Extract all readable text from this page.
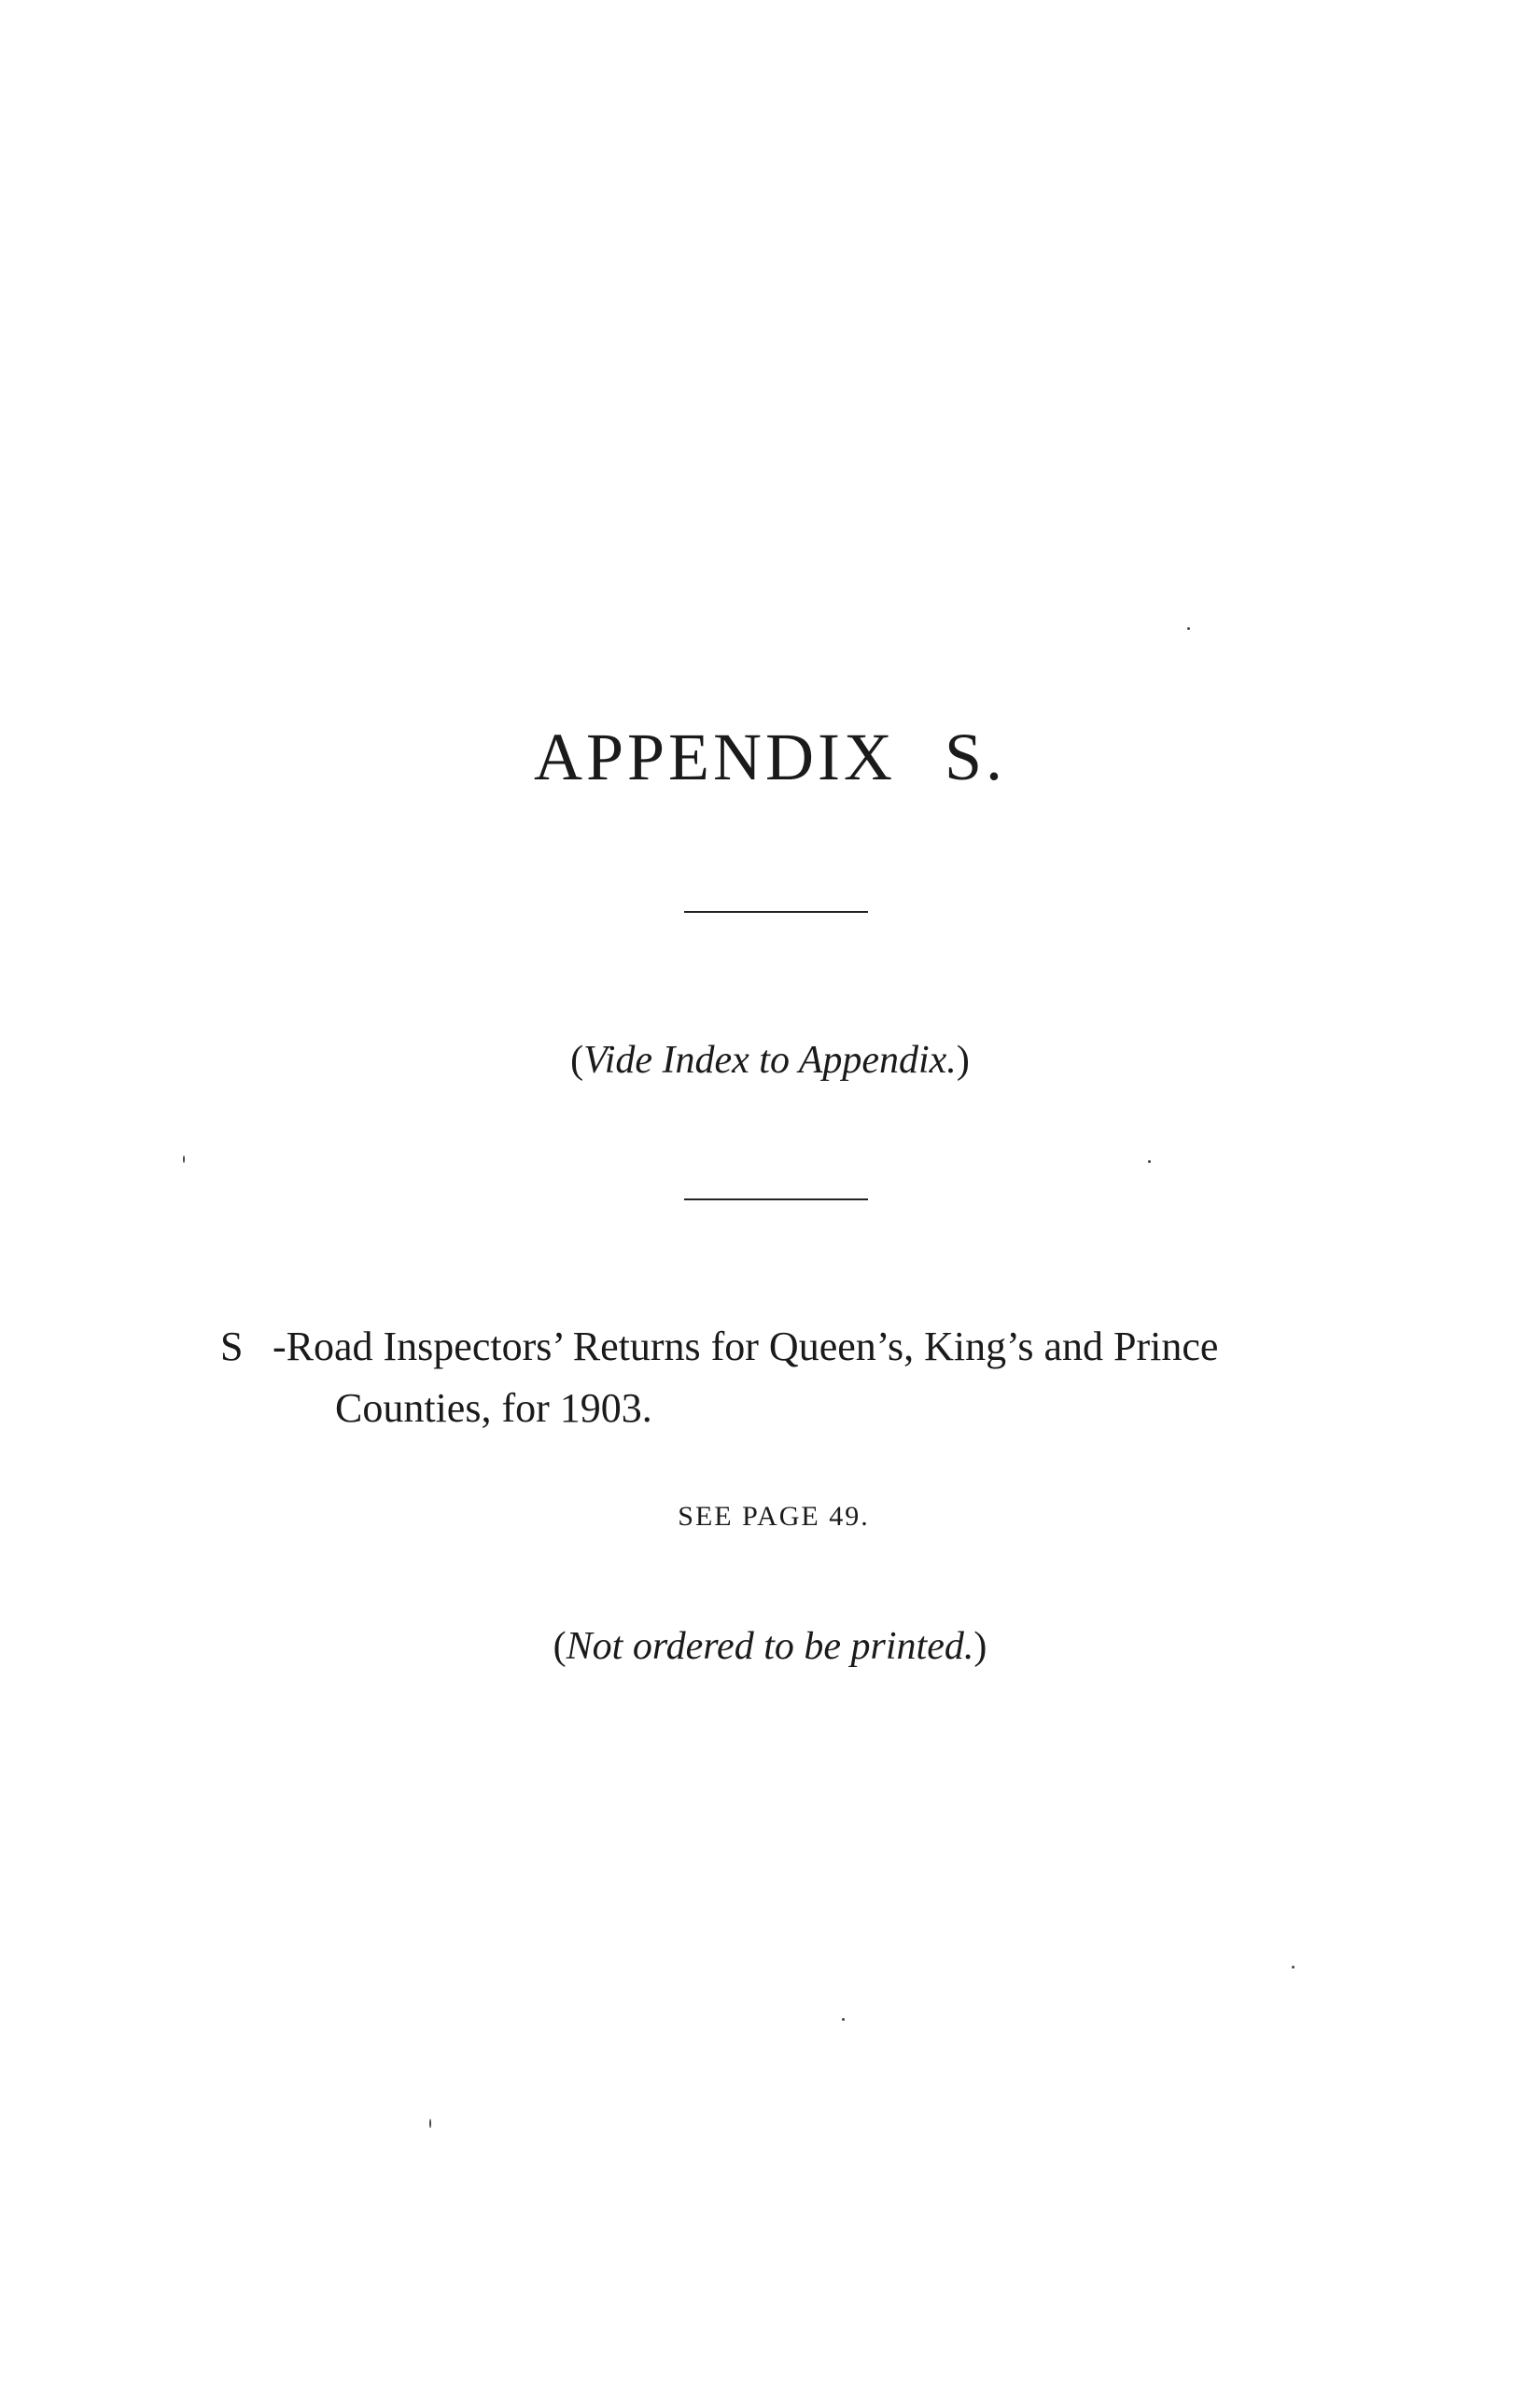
APPENDIX S.
(Vide Index to Appendix.)
S -Road Inspectors’ Returns for Queen’s, King’s and Prince
Counties, for 1903.
SEE PAGE 49.
(Not ordered to be printed.)
